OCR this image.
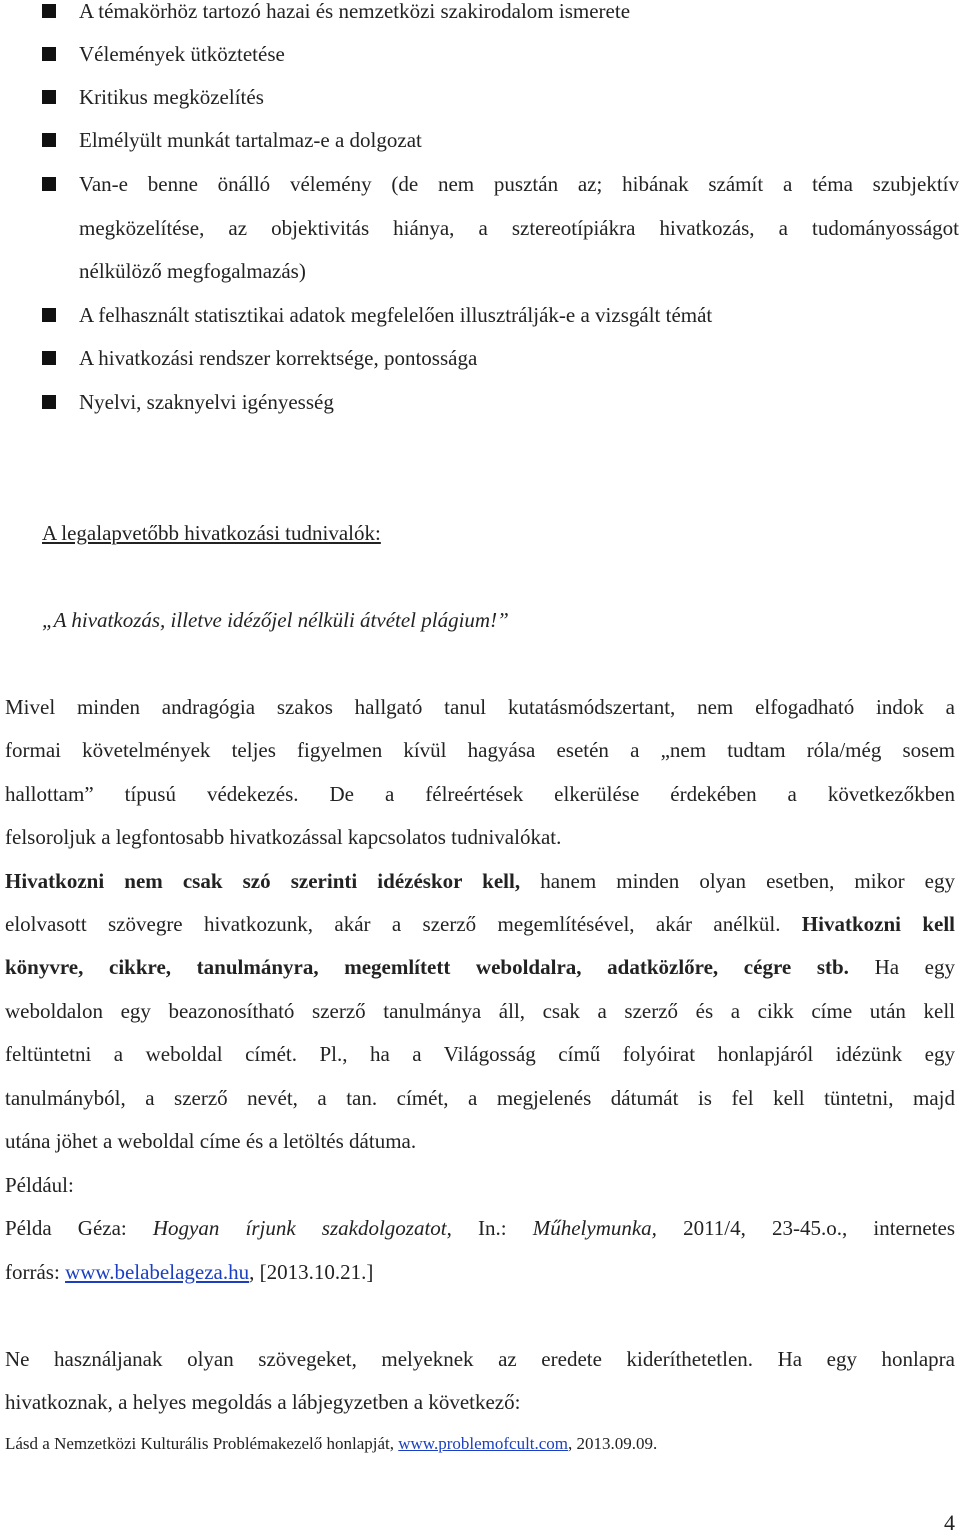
A témakörhöz tartozó hazai és nemzetközi szakirodalom ismerete
Vélemények ütköztetése
Kritikus megközelítés
Elmélyült munkát tartalmaz-e a dolgozat
Van-e benne önálló vélemény (de nem pusztán az; hibának számít a téma szubjektív
megközelítése, az objektivitás hiánya, a sztereotípiákra hivatkozás, a tudományosságot
nélkülöző megfogalmazás)
A felhasznált statisztikai adatok megfelelően illusztrálják-e a vizsgált témát
A hivatkozási rendszer korrektsége, pontossága
Nyelvi, szaknyelvi igényesség
A legalapvetőbb hivatkozási tudnivalók:
„A hivatkozás, illetve idézőjel nélküli átvétel plágium!”
Mivel minden andragógia szakos hallgató tanul kutatásmódszertant, nem elfogadható indok a
formai követelmények teljes figyelmen kívül hagyása esetén a „nem tudtam róla/még sosem
hallottam” típusú védekezés. De a félreértések elkerülése érdekében a következőkben
felsoroljuk a legfontosabb hivatkozással kapcsolatos tudnivalókat.
Hivatkozni nem csak szó szerinti idézéskor kell, hanem minden olyan esetben, mikor egy
elolvasott szövegre hivatkozunk, akár a szerző megemlítésével, akár anélkül. Hivatkozni kell
könyvre, cikkre, tanulmányra, megemlített weboldalra, adatközlőre, cégre stb. Ha egy
weboldalon egy beazonosítható szerző tanulmánya áll, csak a szerző és a cikk címe után kell
feltüntetni a weboldal címét. Pl., ha a Világosság című folyóirat honlapjáról idézünk egy
tanulmányból, a szerző nevét, a tan. címét, a megjelenés dátumát is fel kell tüntetni, majd
utána jöhet a weboldal címe és a letöltés dátuma.
Például:
Példa Géza: Hogyan írjunk szakdolgozatot, In.: Műhelymunka, 2011/4, 23-45.o., internetes
forrás: www.belabelageza.hu, [2013.10.21.]
Ne használjanak olyan szövegeket, melyeknek az eredete kideríthetetlen. Ha egy honlapra
hivatkoznak, a helyes megoldás a lábjegyzetben a következő:
Lásd a Nemzetközi Kulturális Problémakezelő honlapját, www.problemofcult.com, 2013.09.09.
4
